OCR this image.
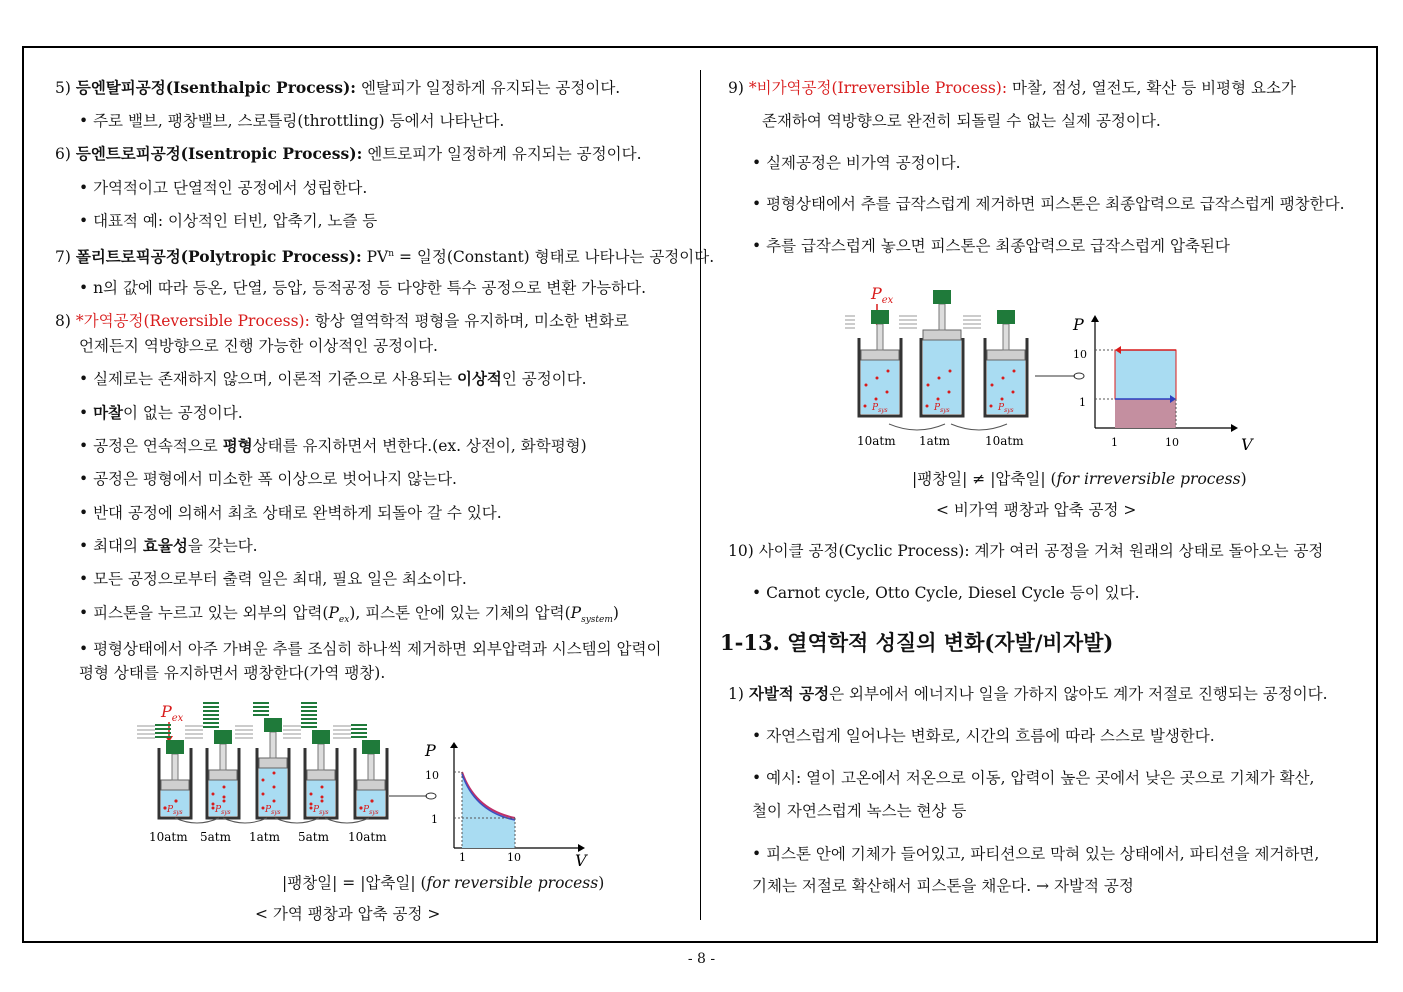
5) 등엔탈피공정(Isenthalpic Process): 엔탈피가 일정하게 유지되는 공정이다.
• 주로 밸브, 팽창밸브, 스로틀링(throttling) 등에서 나타난다.
6) 등엔트로피공정(Isentropic Process): 엔트로피가 일정하게 유지되는 공정이다.
• 가역적이고 단열적인 공정에서 성립한다.
• 대표적 예: 이상적인 터빈, 압축기, 노즐 등
7) 폴리트로픽공정(Polytropic Process): $PV^n$ = 일정(Constant) 형태로 나타나는 공정이다.
• n의 값에 따라 등온, 단열, 등압, 등적공정 등 다양한 특수 공정으로 변환 가능하다.
8) *가역공정(Reversible Process): 항상 열역학적 평형을 유지하며, 미소한 변화로
언제든지 역방향으로 진행 가능한 이상적인 공정이다.
• 실제로는 존재하지 않으며, 이론적 기준으로 사용되는 이상적인 공정이다.
• 마찰이 없는 공정이다.
• 공정은 연속적으로 평형상태를 유지하면서 변한다.(ex. 상전이, 화학평형)
• 공정은 평형에서 미소한 폭 이상으로 벗어나지 않는다.
• 반대 공정에 의해서 최초 상태로 완벽하게 되돌아 갈 수 있다.
• 최대의 효율성을 갖는다.
• 모든 공정으로부터 출력 일은 최대, 필요 일은 최소이다.
• 피스톤을 누르고 있는 외부의 압력$(P_{ex})$, 피스톤 안에 있는 기체의 압력$(P_{system})$
• 평형상태에서 아주 가벼운 추를 조심히 하나씩 제거하면 외부압력과 시스템의 압력이
평형 상태를 유지하면서 팽창한다(가역 팽창).
$P_{ex}$
$P_{sys}$	$P_{sys}$	$P_{sys}$	$P_{sys}$	$P_{sys}$
10atm 5atm 1atm 5atm 10atm
P
V
10
1
1	10
|팽창일| = |압축일| (for reversible process)
< 가역 팽창과 압축 공정 >
9) *비가역공정(Irreversible Process): 마찰, 점성, 열전도, 확산 등 비평형 요소가
존재하여 역방향으로 완전히 되돌릴 수 없는 실제 공정이다.
• 실제공정은 비가역 공정이다.
• 평형상태에서 추를 급작스럽게 제거하면 피스톤은 최종압력으로 급작스럽게 팽창한다.
• 추를 급작스럽게 놓으면 피스톤은 최종압력으로 급작스럽게 압축된다
10) 사이클 공정(Cyclic Process): 계가 여러 공정을 거쳐 원래의 상태로 돌아오는 공정
• Carnot cycle, Otto Cycle, Diesel Cycle 등이 있다.
1-13. 열역학적 성질의 변화(자발/비자발)
1) 자발적 공정은 외부에서 에너지나 일을 가하지 않아도 계가 저절로 진행되는 공정이다.
• 자연스럽게 일어나는 변화로, 시간의 흐름에 따라 스스로 발생한다.
• 예시: 열이 고온에서 저온으로 이동, 압력이 높은 곳에서 낮은 곳으로 기체가 확산,
철이 자연스럽게 녹스는 현상 등
• 피스톤 안에 기체가 들어있고, 파티션으로 막혀 있는 상태에서, 파티션을 제거하면,
기체는 저절로 확산해서 피스톤을 채운다. → 자발적 공정
$P_{ex}$
$P_{sys}$	$P_{sys}$	$P_{sys}$
10atm 1atm	10atm
P
V
10
1
1	10
|팽창일| ≠ |압축일| (for irreversible process)
< 비가역 팽창과 압축 공정 >
- 8 -
